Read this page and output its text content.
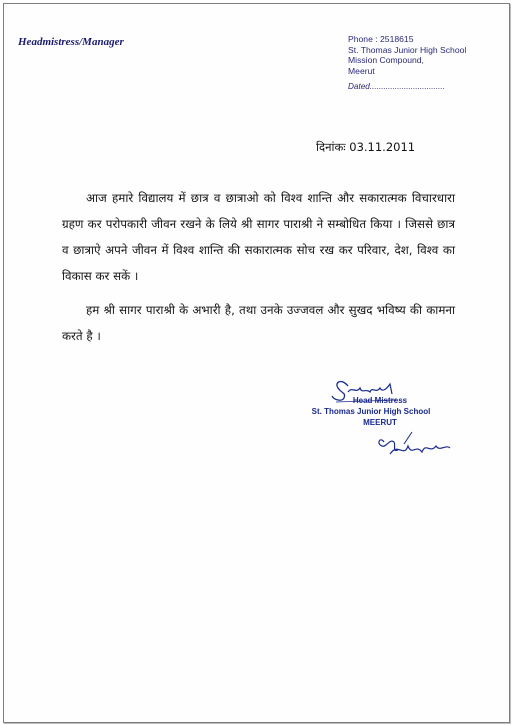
Headmistress/Manager	Phone : 2518615
St. Thomas Junior High School
Mission Compound,
Meerut
Dated.................................
दिनांकः 03.11.2011

आज हमारे विद्यालय में छात्र व छात्राओ को विश्व शान्ति और सकारात्मक विचारधारा ग्रहण कर परोपकारी जीवन रखने के लिये श्री सागर पाराश्री ने सम्बोधित किया । जिससे छात्र व छात्राऐ अपने जीवन में विश्व शान्ति की सकारात्मक सोच रख कर परिवार, देश, विश्व का विकास कर सकें ।

हम श्री सागर पाराश्री के अभारी है, तथा उनके उज्जवल और सुखद भविष्य की कामना करते है ।

Head Mistress
St. Thomas Junior High School
MEERUT
